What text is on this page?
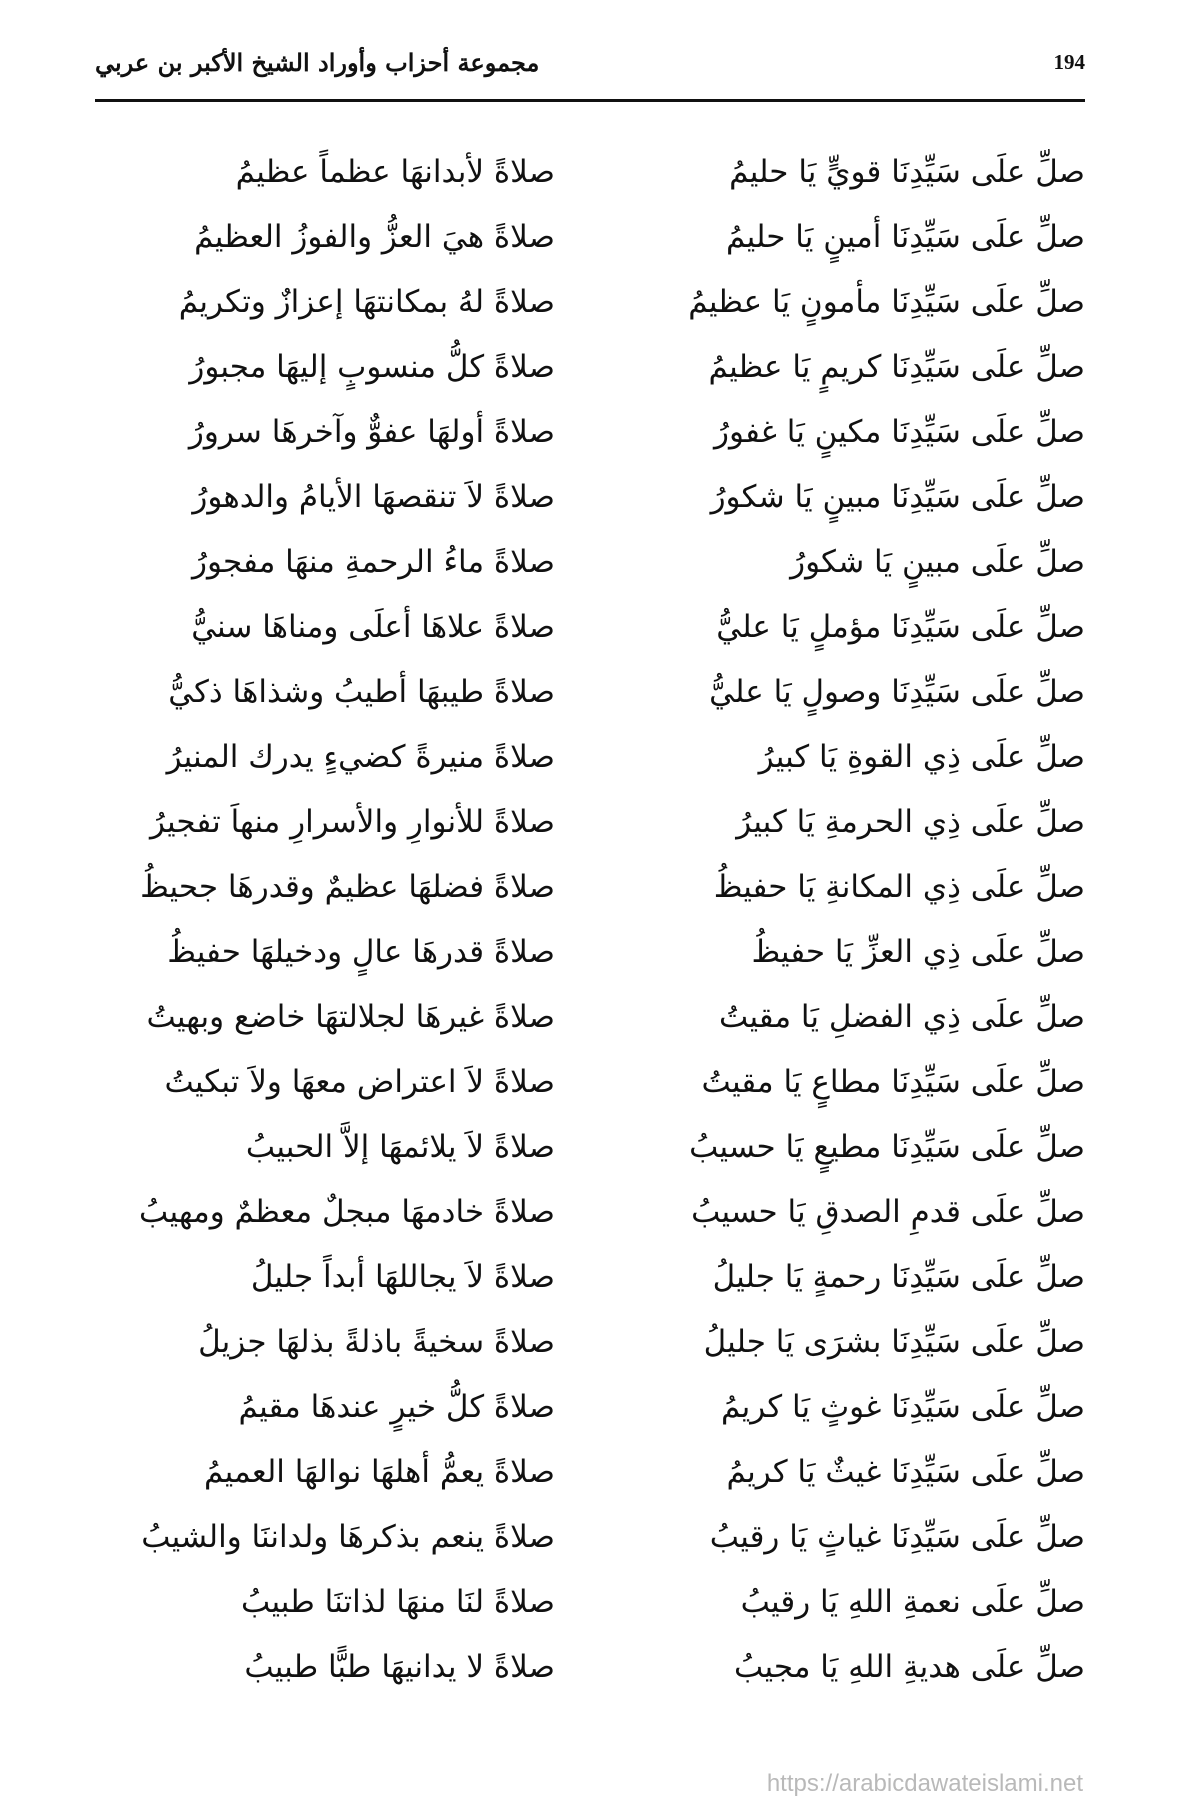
مجموعة أحزاب وأوراد الشيخ الأكبر بن عربي	194
صلِّ علَى سَيِّدِنَا قويٍّ يَا حليمُ
صلاةً لأبدانهَا عظماً عظيمُ
صلِّ علَى سَيِّدِنَا أمينٍ يَا حليمُ
صلاةً هيَ العزُّ والفوزُ العظيمُ
صلِّ علَى سَيِّدِنَا مأمونٍ يَا عظيمُ
صلاةً لهُ بمكانتهَا إعزازٌ وتكريمُ
صلِّ علَى سَيِّدِنَا كريمٍ يَا عظيمُ
صلاةً كلُّ منسوبٍ إليهَا مجبورُ
صلِّ علَى سَيِّدِنَا مكينٍ يَا غفورُ
صلاةً أولهَا عفوٌّ وآخرهَا سرورُ
صلِّ علَى سَيِّدِنَا مبينٍ يَا شكورُ
صلاةً لاَ تنقصهَا الأيامُ والدهورُ
صلِّ علَى مبينٍ يَا شكورُ
صلاةً ماءُ الرحمةِ منهَا مفجورُ
صلِّ علَى سَيِّدِنَا مؤملٍ يَا عليُّ
صلاةً علاهَا أعلَى ومناهَا سنيُّ
صلِّ علَى سَيِّدِنَا وصولٍ يَا عليُّ
صلاةً طيبهَا أطيبُ وشذاهَا ذكيُّ
صلِّ علَى ذِي القوةِ يَا كبيرُ
صلاةً منيرةً كضيءٍ يدرك المنيرُ
صلِّ علَى ذِي الحرمةِ يَا كبيرُ
صلاةً للأنوارِ والأسرارِ منهاَ تفجيرُ
صلِّ علَى ذِي المكانةِ يَا حفيظُ
صلاةً فضلهَا عظيمٌ وقدرهَا جحيظُ
صلِّ علَى ذِي العزِّ يَا حفيظُ
صلاةً قدرهَا عالٍ ودخيلهَا حفيظُ
صلِّ علَى ذِي الفضلِ يَا مقيتُ
صلاةً غيرهَا لجلالتهَا خاضع وبهيتُ
صلِّ علَى سَيِّدِنَا مطاعٍ يَا مقيتُ
صلاةً لاَ اعتراض معهَا ولاَ تبكيتُ
صلِّ علَى سَيِّدِنَا مطيعٍ يَا حسيبُ
صلاةً لاَ يلائمهَا إلاَّ الحبيبُ
صلِّ علَى قدمِ الصدقِ يَا حسيبُ
صلاةً خادمهَا مبجلٌ معظمٌ ومهيبُ
صلِّ علَى سَيِّدِنَا رحمةٍ يَا جليلُ
صلاةً لاَ يجاللهَا أبداً جليلُ
صلِّ علَى سَيِّدِنَا بشرَى يَا جليلُ
صلاةً سخيةً باذلةً بذلهَا جزيلُ
صلِّ علَى سَيِّدِنَا غوثٍ يَا كريمُ
صلاةً كلُّ خيرٍ عندهَا مقيمُ
صلِّ علَى سَيِّدِنَا غيثٌ يَا كريمُ
صلاةً يعمُّ أهلهَا نوالهَا العميمُ
صلِّ علَى سَيِّدِنَا غياثٍ يَا رقيبُ
صلاةً ينعم بذكرهَا ولداننَا والشيبُ
صلِّ علَى نعمةِ اللهِ يَا رقيبُ
صلاةً لنَا منهَا لذاتنَا طبيبُ
صلِّ علَى هديةِ اللهِ يَا مجيبُ
صلاةً لا يدانيهَا طبًّا طبيبُ
https://arabicdawateislami.net
